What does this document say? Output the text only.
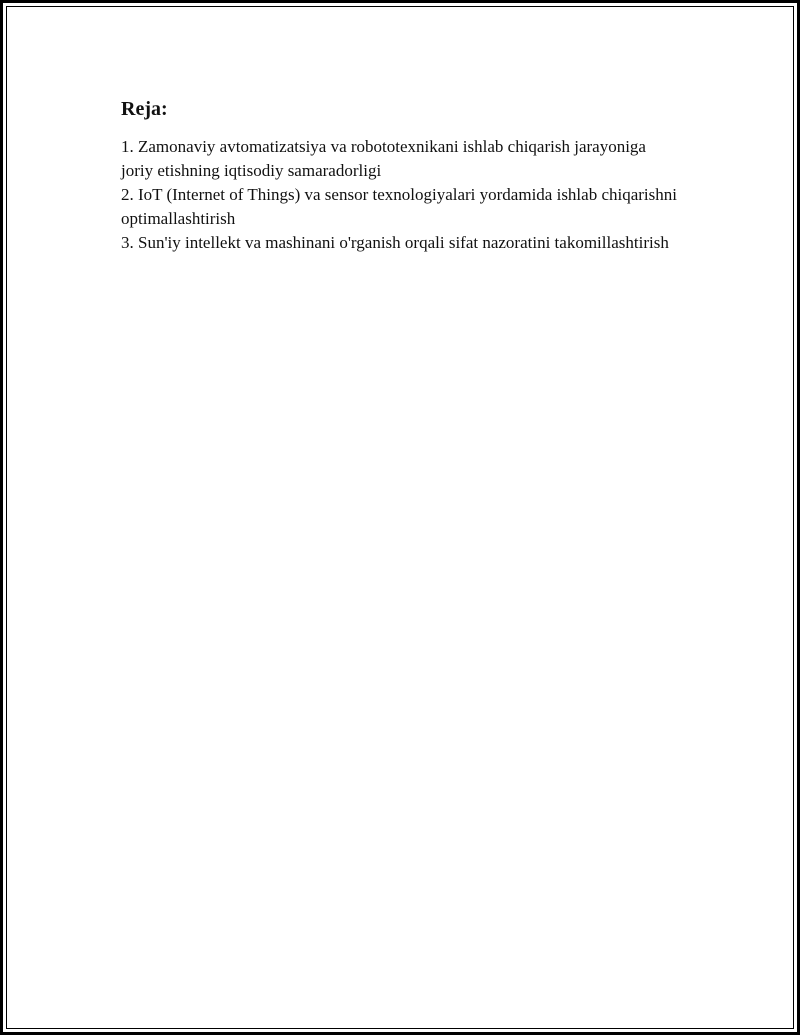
Reja:
1. Zamonaviy avtomatizatsiya va robototexnikani ishlab chiqarish jarayoniga joriy etishning iqtisodiy samaradorligi
2. IoT (Internet of Things) va sensor texnologiyalari yordamida ishlab chiqarishni optimallashtirish
3. Sun'iy intellekt va mashinani o'rganish orqali sifat nazoratini takomillashtirish
